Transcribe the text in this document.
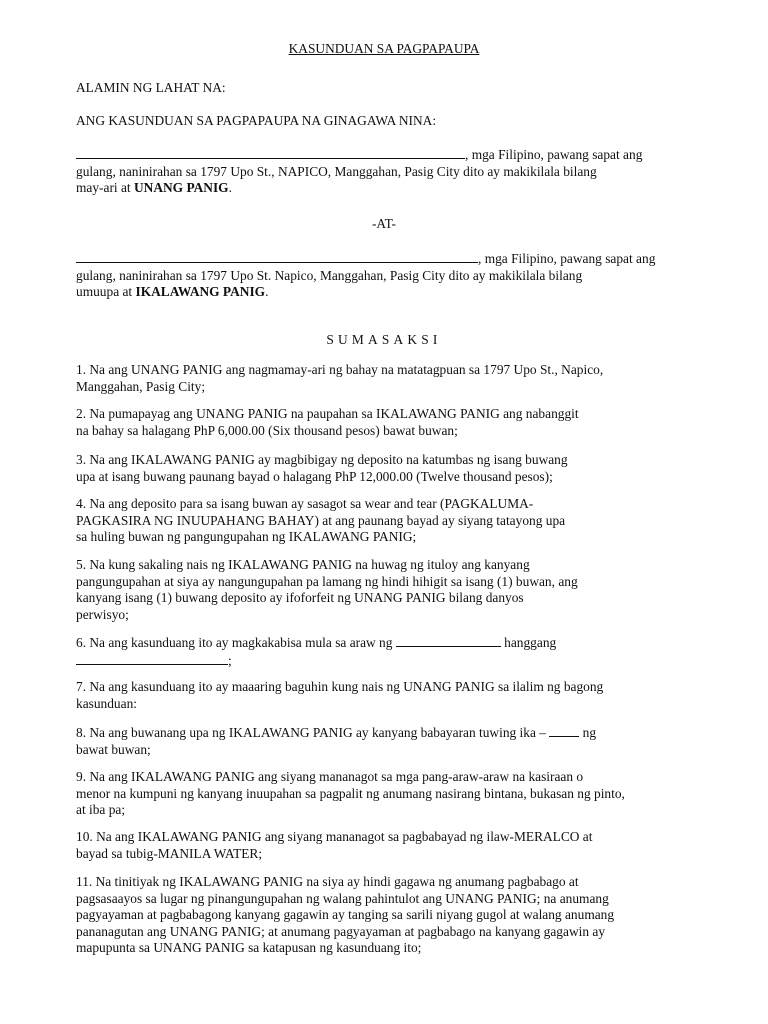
KASUNDUAN SA PAGPAPAUPA
ALAMIN NG LAHAT NA:
ANG KASUNDUAN SA PAGPAPAUPA NA GINAGAWA NINA:
, mga Filipino, pawang sapat ang
gulang, naninirahan sa 1797 Upo St., NAPICO, Manggahan, Pasig City dito ay makikilala bilang
may-ari at UNANG PANIG.
-AT-
, mga Filipino, pawang sapat ang
gulang, naninirahan sa 1797 Upo St. Napico, Manggahan, Pasig City dito ay makikilala bilang
umuupa at IKALAWANG PANIG.
SUMASAKSI
1. Na ang UNANG PANIG ang nagmamay-ari ng bahay na matatagpuan sa 1797 Upo St., Napico,
Manggahan, Pasig City;
2. Na pumapayag ang UNANG PANIG na paupahan sa IKALAWANG PANIG ang nabanggit
na bahay sa halagang PhP 6,000.00 (Six thousand pesos) bawat buwan;
3. Na ang IKALAWANG PANIG ay magbibigay ng deposito na katumbas ng isang buwang
upa at isang buwang paunang bayad o halagang PhP 12,000.00 (Twelve thousand pesos);
4. Na ang deposito para sa isang buwan ay sasagot sa wear and tear (PAGKALUMA-
PAGKASIRA NG INUUPAHANG BAHAY) at ang paunang bayad ay siyang tatayong upa
sa huling buwan ng pangungupahan ng IKALAWANG PANIG;
5. Na kung sakaling nais ng IKALAWANG PANIG na huwag ng ituloy ang kanyang
pangungupahan at siya ay nangungupahan pa lamang ng hindi hihigit sa isang (1) buwan, ang
kanyang isang (1) buwang deposito ay ifoforfeit ng UNANG PANIG bilang danyos
perwisyo;
6. Na ang kasunduang ito ay magkakabisa mula sa araw ng	hanggang
;
7. Na ang kasunduang ito ay maaaring baguhin kung nais ng UNANG PANIG sa ilalim ng bagong
kasunduan:
8. Na ang buwanang upa ng IKALAWANG PANIG ay kanyang babayaran tuwing ika –  ng
bawat buwan;
9. Na ang IKALAWANG PANIG ang siyang mananagot sa mga pang-araw-araw na kasiraan o
menor na kumpuni ng kanyang inuupahan sa pagpalit ng anumang nasirang bintana, bukasan ng pinto,
at iba pa;
10. Na ang IKALAWANG PANIG ang siyang mananagot sa pagbabayad ng ilaw-MERALCO at
bayad sa tubig-MANILA WATER;
11. Na tinitiyak ng IKALAWANG PANIG na siya ay hindi gagawa ng anumang pagbabago at
pagsasaayos sa lugar ng pinangungupahan ng walang pahintulot ang UNANG PANIG; na anumang
pagyayaman at pagbabagong kanyang gagawin ay tanging sa sarili niyang gugol at walang anumang
pananagutan ang UNANG PANIG; at anumang pagyayaman at pagbabago na kanyang gagawin ay
mapupunta sa UNANG PANIG sa katapusan ng kasunduang ito;
